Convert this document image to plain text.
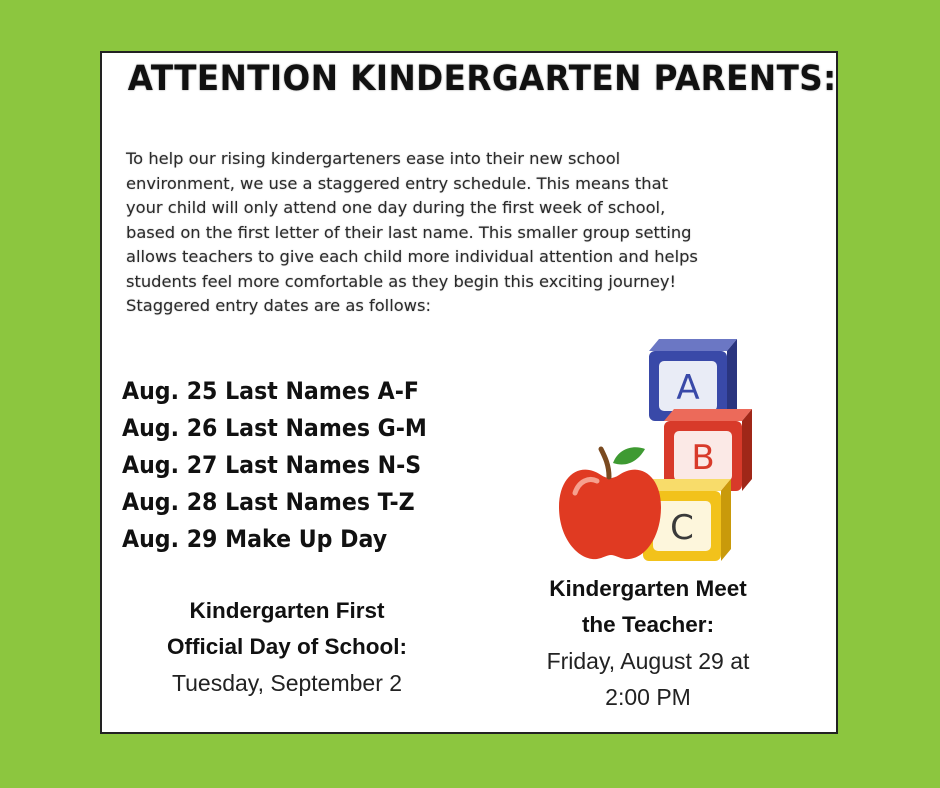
ATTENTION KINDERGARTEN PARENTS:

To help our rising kindergarteners ease into their new school
environment, we use a staggered entry schedule. This means that
your child will only attend one day during the first week of school,
based on the first letter of their last name. This smaller group setting
allows teachers to give each child more individual attention and helps
students feel more comfortable as they begin this exciting journey!
Staggered entry dates are as follows:

Aug. 25 Last Names A-F
Aug. 26 Last Names G-M
Aug. 27 Last Names N-S
Aug. 28 Last Names T-Z
Aug. 29 Make Up Day
A
B
C
Kindergarten First
Official Day of School:
Tuesday, September 2
Kindergarten Meet
the Teacher:
Friday, August 29 at
2:00 PM
